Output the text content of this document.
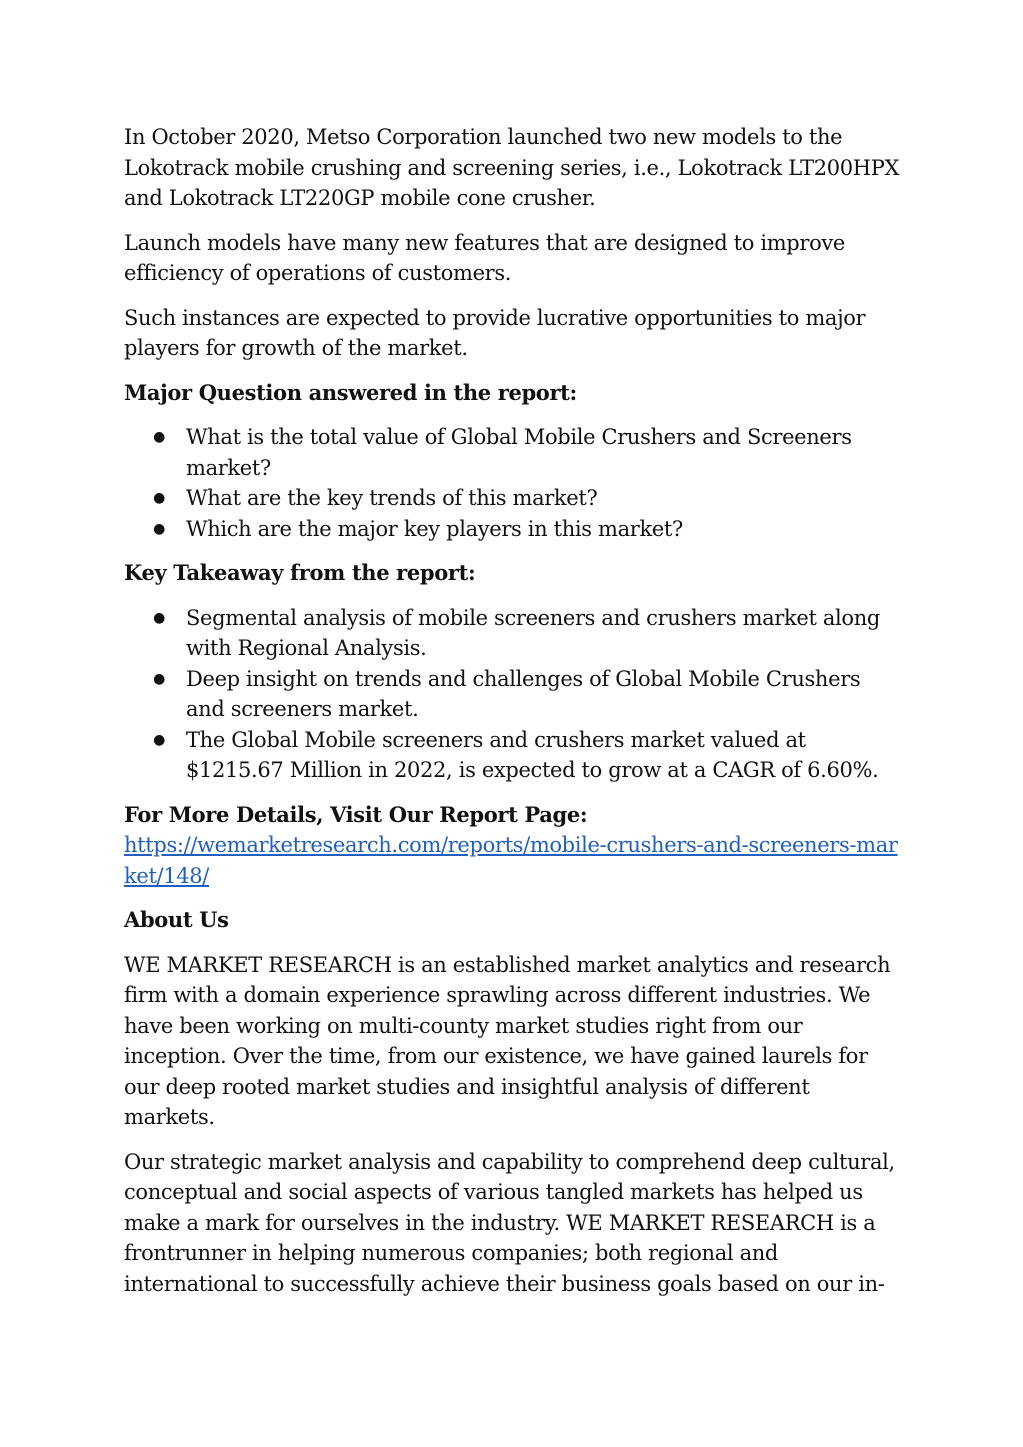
In October 2020, Metso Corporation launched two new models to the Lokotrack mobile crushing and screening series, i.e., Lokotrack LT200HPX and Lokotrack LT220GP mobile cone crusher.

Launch models have many new features that are designed to improve efficiency of operations of customers.

Such instances are expected to provide lucrative opportunities to major players for growth of the market.

Major Question answered in the report:
● What is the total value of Global Mobile Crushers and Screeners market?
● What are the key trends of this market?
● Which are the major key players in this market?
Key Takeaway from the report:
● Segmental analysis of mobile screeners and crushers market along with Regional Analysis.
● Deep insight on trends and challenges of Global Mobile Crushers and screeners market.
● The Global Mobile screeners and crushers market valued at $1215.67 Million in 2022, is expected to grow at a CAGR of 6.60%.
For More Details, Visit Our Report Page:
https://wemarketresearch.com/reports/mobile-crushers-and-screeners-market/148/
About Us

WE MARKET RESEARCH is an established market analytics and research firm with a domain experience sprawling across different industries. We have been working on multi-county market studies right from our inception. Over the time, from our existence, we have gained laurels for our deep rooted market studies and insightful analysis of different markets.

Our strategic market analysis and capability to comprehend deep cultural, conceptual and social aspects of various tangled markets has helped us make a mark for ourselves in the industry. WE MARKET RESEARCH is a frontrunner in helping numerous companies; both regional and international to successfully achieve their business goals based on our in-
